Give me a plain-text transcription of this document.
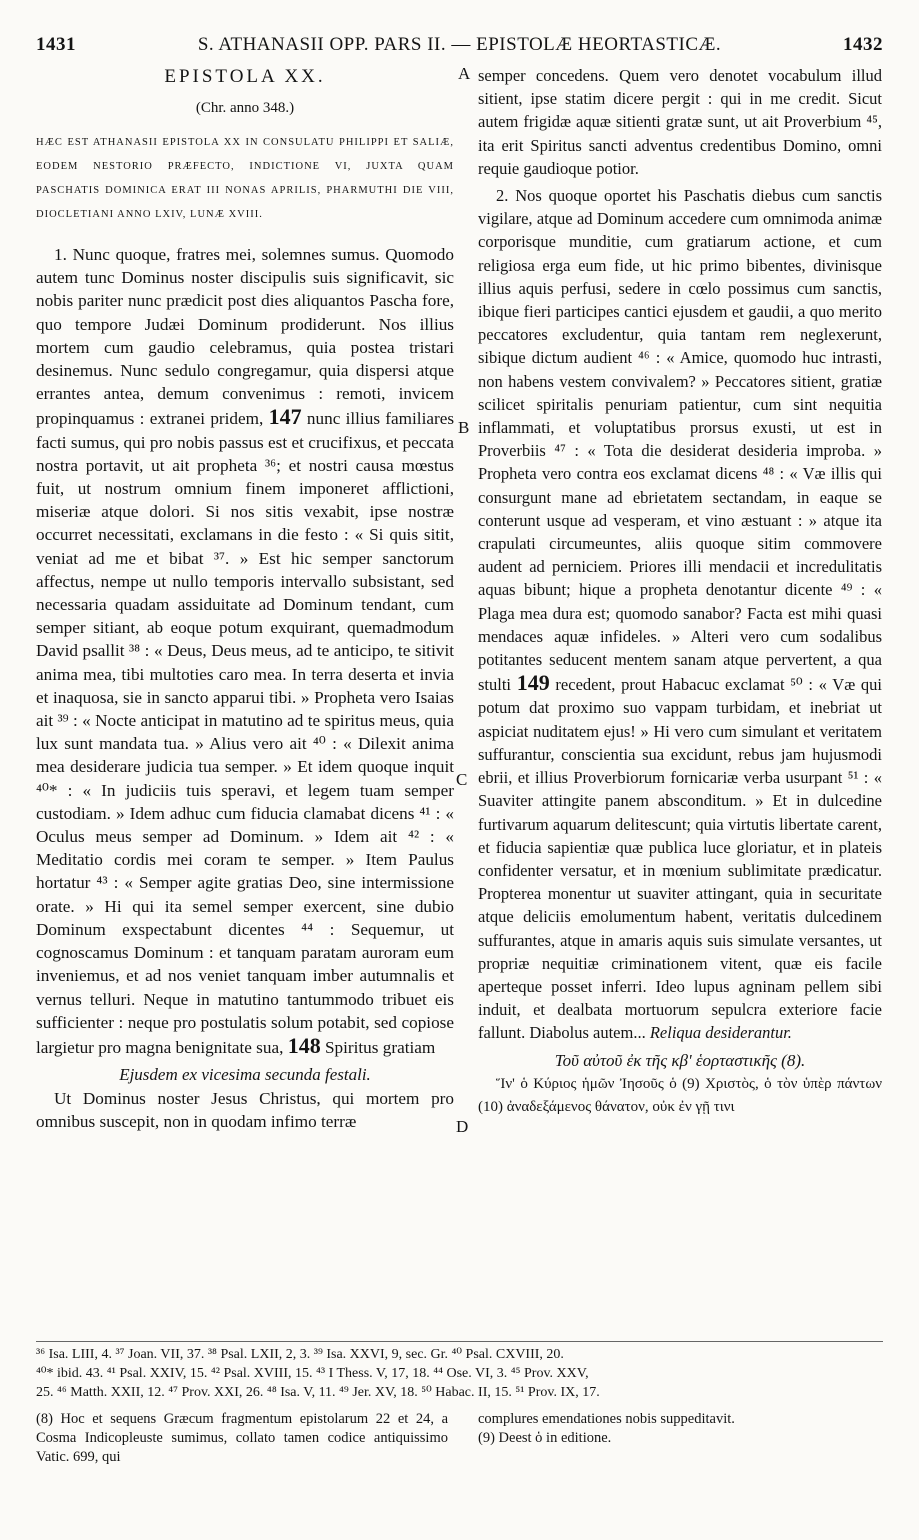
1431	S. ATHANASII OPP. PARS II. — EPISTOLÆ HEORTASTICÆ.	1432
EPISTOLA XX.
(Chr. anno 348.)

HÆC EST ATHANASII EPISTOLA XX IN CONSULATU PHILIPPI ET SALIÆ, EODEM NESTORIO PRÆFECTO, INDICTIONE VI, JUXTA QUAM PASCHATIS DOMINICA ERAT III NONAS APRILIS, PHARMUTHI DIE VIII, DIOCLETIANI ANNO LXIV, LUNÆ XVIII.

1. Nunc quoque, fratres mei, solemnes sumus. Quomodo autem tunc Dominus noster discipulis suis significavit, sic nobis pariter nunc prædicit post dies aliquantos Pascha fore, quo tempore Judæi Dominum prodiderunt. Nos illius mortem cum gaudio celebramus, quia postea tristari desinemus. Nunc sedulo congregamur, quia dispersi atque errantes antea, demum convenimus : remoti, invicem propinquamus : extranei pridem, 147 nunc illius familiares facti sumus, qui pro nobis passus est et crucifixus, et peccata nostra portavit, ut ait propheta ³⁶; et nostri causa mœstus fuit, ut nostrum omnium finem imponeret afflictioni, miseriæ atque dolori. Si nos sitis vexabit, ipse nostræ occurret necessitati, exclamans in die festo : « Si quis sitit, veniat ad me et bibat ³⁷. » Est hic semper sanctorum affectus, nempe ut nullo temporis intervallo subsistant, sed necessaria quadam assiduitate ad Dominum tendant, cum semper sitiant, ab eoque potum exquirant, quemadmodum David psallit ³⁸ : « Deus, Deus meus, ad te anticipo, te sitivit anima mea, tibi multoties caro mea. In terra deserta et invia et inaquosa, sie in sancto apparui tibi. » Propheta vero Isaias ait ³⁹ : « Nocte anticipat in matutino ad te spiritus meus, quia lux sunt mandata tua. » Alius vero ait ⁴⁰ : « Dilexit anima mea desiderare judicia tua semper. » Et idem quoque inquit ⁴⁰* : « In judiciis tuis speravi, et legem tuam semper custodiam. » Idem adhuc cum fiducia clamabat dicens ⁴¹ : « Oculus meus semper ad Dominum. » Idem ait ⁴² : « Meditatio cordis mei coram te semper. » Item Paulus hortatur ⁴³ : « Semper agite gratias Deo, sine intermissione orate. » Hi qui ita semel semper exercent, sine dubio Dominum exspectabunt dicentes ⁴⁴ : Sequemur, ut cognoscamus Dominum : et tanquam paratam auroram eum inveniemus, et ad nos veniet tanquam imber autumnalis et vernus telluri. Neque in matutino tantummodo tribuet eis sufficienter : neque pro postulatis solum potabit, sed copiose largietur pro magna benignitate sua, 148 Spiritus gratiam

Ejusdem ex vicesima secunda festali.

Ut Dominus noster Jesus Christus, qui mortem pro omnibus suscepit, non in quodam infimo terræ

semper concedens. Quem vero denotet vocabulum illud sitient, ipse statim dicere pergit : qui in me credit. Sicut autem frigidæ aquæ sitienti gratæ sunt, ut ait Proverbium ⁴⁵, ita erit Spiritus sancti adventus credentibus Domino, omni requie gaudioque potior.

2. Nos quoque oportet his Paschatis diebus cum sanctis vigilare, atque ad Dominum accedere cum omnimoda animæ corporisque munditie, cum gratiarum actione, et cum religiosa erga eum fide, ut hic primo bibentes, divinisque illius aquis perfusi, sedere in cœlo possimus cum sanctis, ibique fieri participes cantici ejusdem et gaudii, a quo merito peccatores excludentur, quia tantam rem neglexerunt, sibique dictum audient ⁴⁶ : « Amice, quomodo huc intrasti, non habens vestem convivalem? » Peccatores sitient, gratiæ scilicet spiritalis penuriam patientur, cum sint nequitia inflammati, et voluptatibus prorsus exusti, ut est in Proverbiis ⁴⁷ : « Tota die desiderat desideria improba. » Propheta vero contra eos exclamat dicens ⁴⁸ : « Væ illis qui consurgunt mane ad ebrietatem sectandam, in eaque se conterunt usque ad vesperam, et vino æstuant : » atque ita crapulati circumeuntes, aliis quoque sitim commovere audent ad perniciem. Priores illi mendacii et incredulitatis aquas bibunt; hique a propheta denotantur dicente ⁴⁹ : « Plaga mea dura est; quomodo sanabor? Facta est mihi quasi mendaces aquæ infideles. » Alteri vero cum sodalibus potitantes seducent mentem sanam atque pervertent, a qua stulti 149 recedent, prout Habacuc exclamat ⁵⁰ : « Væ qui potum dat proximo suo vappam turbidam, et inebriat ut aspiciat nuditatem ejus! » Hi vero cum simulant et veritatem suffurantur, conscientia sua excidunt, rebus jam hujusmodi ebrii, et illius Proverbiorum fornicariæ verba usurpant ⁵¹ : « Suaviter attingite panem absconditum. » Et in dulcedine furtivarum aquarum delitescunt; quia virtutis libertate carent, et fiducia sapientiæ quæ publica luce gloriatur, et in plateis confidenter versatur, et in mœnium sublimitate prædicatur. Propterea monentur ut suaviter attingant, quia in securitate atque deliciis emolumentum habent, veritatis dulcedinem suffurantes, atque in amaris aquis suis simulate versantes, ut propriæ nequitiæ criminationem vitent, quæ eis facile aperteque posset inferri. Ideo lupus agninam pellem sibi induit, et dealbata mortuorum sepulcra exteriore facie fallunt. Diabolus autem... Reliqua desiderantur.

Τοῦ αὐτοῦ ἐκ τῆς κβ' ἑορταστικῆς (8).

Ἵν' ὁ Κύριος ἡμῶν Ἰησοῦς ὁ (9) Χριστὸς, ὁ τὸν ὑπὲρ πάντων (10) ἀναδεξάμενος θάνατον, οὐκ ἐν γῇ τινι

A
B
C
D

³⁶ Isa. LIII, 4. ³⁷ Joan. VII, 37. ³⁸ Psal. LXII, 2, 3. ³⁹ Isa. XXVI, 9, sec. Gr. ⁴⁰ Psal. CXVIII, 20.

⁴⁰* ibid. 43. ⁴¹ Psal. XXIV, 15. ⁴² Psal. XVIII, 15. ⁴³ I Thess. V, 17, 18. ⁴⁴ Ose. VI, 3. ⁴⁵ Prov. XXV,

25. ⁴⁶ Matth. XXII, 12. ⁴⁷ Prov. XXI, 26. ⁴⁸ Isa. V, 11. ⁴⁹ Jer. XV, 18. ⁵⁰ Habac. II, 15. ⁵¹ Prov. IX, 17.

(8) Hoc et sequens Græcum fragmentum epistolarum 22 et 24, a Cosma Indicopleuste sumimus, collato tamen codice antiquissimo Vatic. 699, qui

complures emendationes nobis suppeditavit.

(9) Deest ὁ in editione.
